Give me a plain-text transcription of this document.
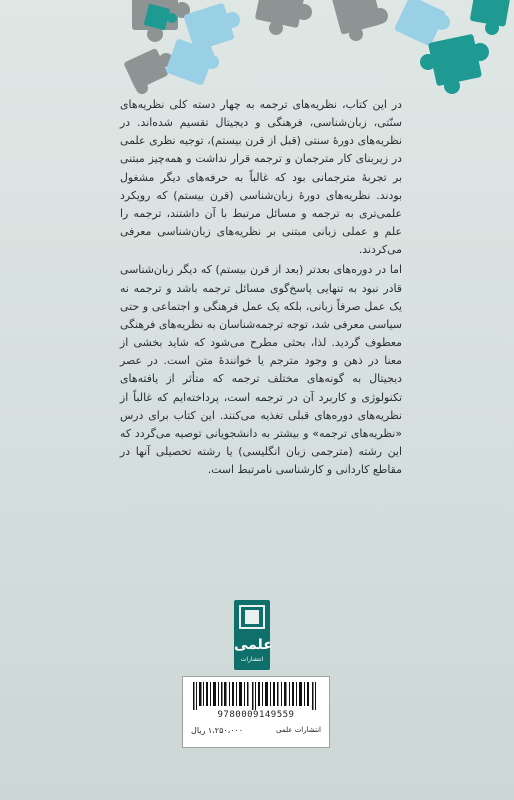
در این کتاب، نظریه‌های ترجمه به چهار دسته کلی نظریه‌های سنّتی، زبان‌شناسی، فرهنگی و دیجیتال تقسیم شده‌اند. در نظریه‌های دورهٔ سنتی (قبل از قرن بیستم)، توجیه نظری علمی در زیربنای کار مترجمان و ترجمه قرار نداشت و همه‌چیز مبتنی بر تجربهٔ مترجمانی بود که غالباً به حرفه‌های دیگر مشغول بودند. نظریه‌های دورهٔ زبان‌شناسی (قرن بیستم) که رویکرد علمی‌تری به ترجمه و مسائل مرتبط با آن داشتند، ترجمه را علم و عملی زبانی مبتنی بر نظریه‌های زبان‌شناسی معرفی می‌کردند.

اما در دوره‌های بعدتر (بعد از قرن بیستم) که دیگر زبان‌شناسی قادر نبود به تنهایی پاسخ‌گوی مسائل ترجمه باشد و ترجمه نه یک عمل صرفاً زبانی، بلکه یک عمل فرهنگی و اجتماعی و حتی سیاسی معرفی شد، توجه ترجمه‌شناسان به نظریه‌های فرهنگی معطوف گردید. لذا، بحثی مطرح می‌شود که شاید بخشی از معنا در ذهن و وجود مترجم یا خوانندهٔ متن است. در عصر دیجیتال به گونه‌های مختلف ترجمه که متأثر از یافته‌های تکنولوژی و کاربرد آن در ترجمه است، پرداخته‌ایم که غالباً از نظریه‌های دوره‌های قبلی تغذیه می‌کنند. این کتاب برای درس «نظریه‌های ترجمه» و بیشتر به دانشجویانی توصیه می‌گردد که این رشته (مترجمی زبان انگلیسی) یا رشته تحصیلی آنها در مقاطع کاردانی و کارشناسی نامرتبط است.

علمی
انتشارات
9780009149559
۱،۲۵۰،۰۰۰ ریال	انتشارات علمی
